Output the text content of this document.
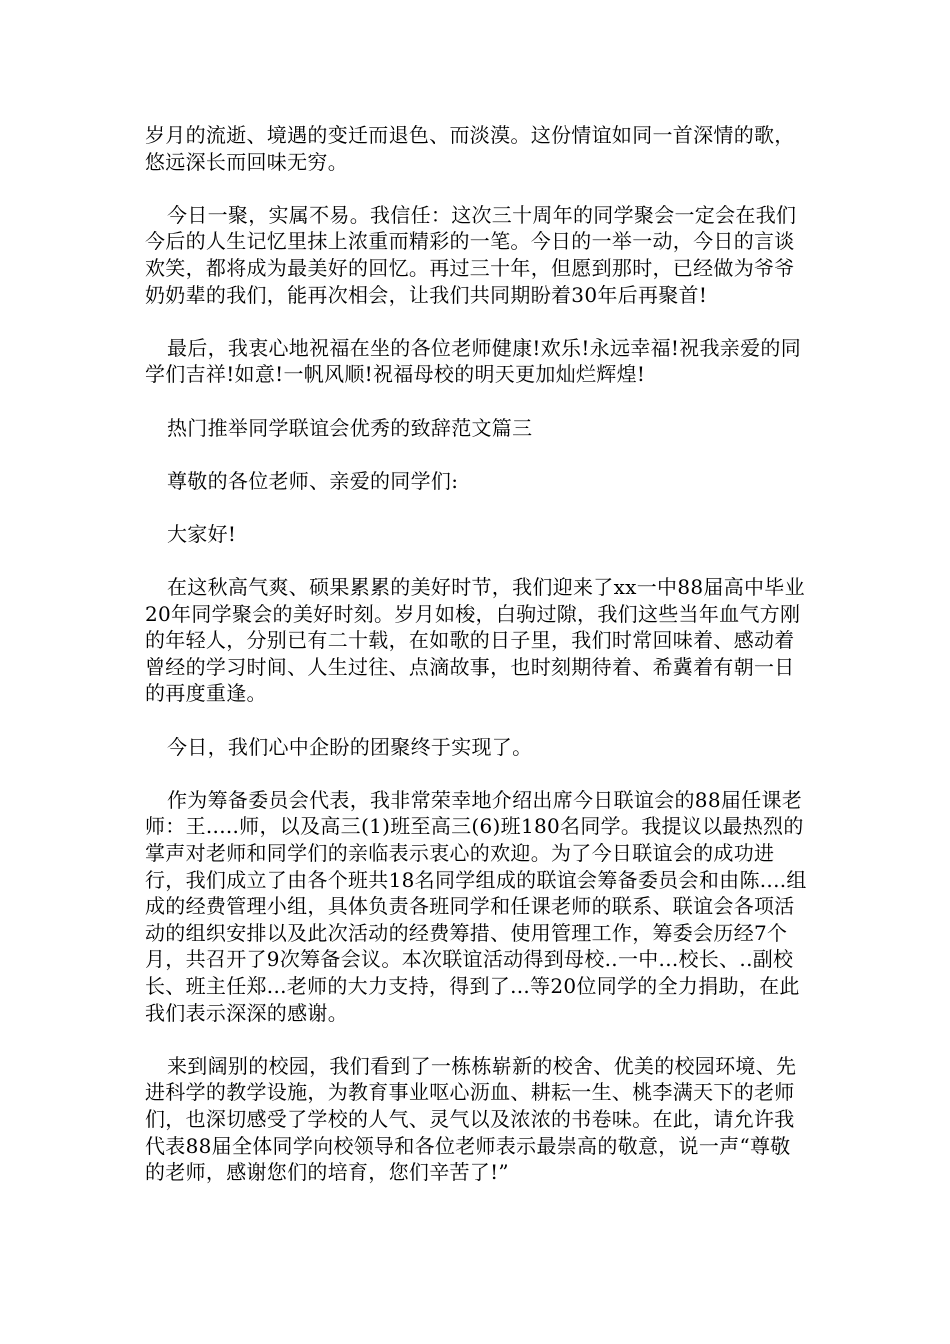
岁月的流逝、境遇的变迁而退色、而淡漠。这份情谊如同一首深情的歌，悠远深长而回味无穷。

今日一聚，实属不易。我信任：这次三十周年的同学聚会一定会在我们今后的人生记忆里抹上浓重而精彩的一笔。今日的一举一动，今日的言谈欢笑，都将成为最美好的回忆。再过三十年，但愿到那时，已经做为爷爷奶奶辈的我们，能再次相会，让我们共同期盼着30年后再聚首!

最后，我衷心地祝福在坐的各位老师健康!欢乐!永远幸福!祝我亲爱的同学们吉祥!如意!一帆风顺!祝福母校的明天更加灿烂辉煌!

热门推举同学联谊会优秀的致辞范文篇三

尊敬的各位老师、亲爱的同学们:

大家好!

在这秋高气爽、硕果累累的美好时节，我们迎来了xx一中88届高中毕业20年同学聚会的美好时刻。岁月如梭，白驹过隙，我们这些当年血气方刚的年轻人，分别已有二十载，在如歌的日子里，我们时常回味着、感动着曾经的学习时间、人生过往、点滴故事，也时刻期待着、希冀着有朝一日的再度重逢。

今日，我们心中企盼的团聚终于实现了。

作为筹备委员会代表，我非常荣幸地介绍出席今日联谊会的88届任课老师：王.....师，以及高三(1)班至高三(6)班180名同学。我提议以最热烈的掌声对老师和同学们的亲临表示衷心的欢迎。为了今日联谊会的成功进行，我们成立了由各个班共18名同学组成的联谊会筹备委员会和由陈....组成的经费管理小组，具体负责各班同学和任课老师的联系、联谊会各项活动的组织安排以及此次活动的经费筹措、使用管理工作，筹委会历经7个月，共召开了9次筹备会议。本次联谊活动得到母校..一中...校长、..副校长、班主任郑...老师的大力支持，得到了...等20位同学的全力捐助，在此我们表示深深的感谢。

来到阔别的校园，我们看到了一栋栋崭新的校舍、优美的校园环境、先进科学的教学设施，为教育事业呕心沥血、耕耘一生、桃李满天下的老师们，也深切感受了学校的人气、灵气以及浓浓的书卷味。在此，请允许我代表88届全体同学向校领导和各位老师表示最崇高的敬意，说一声“尊敬的老师，感谢您们的培育，您们辛苦了!”
